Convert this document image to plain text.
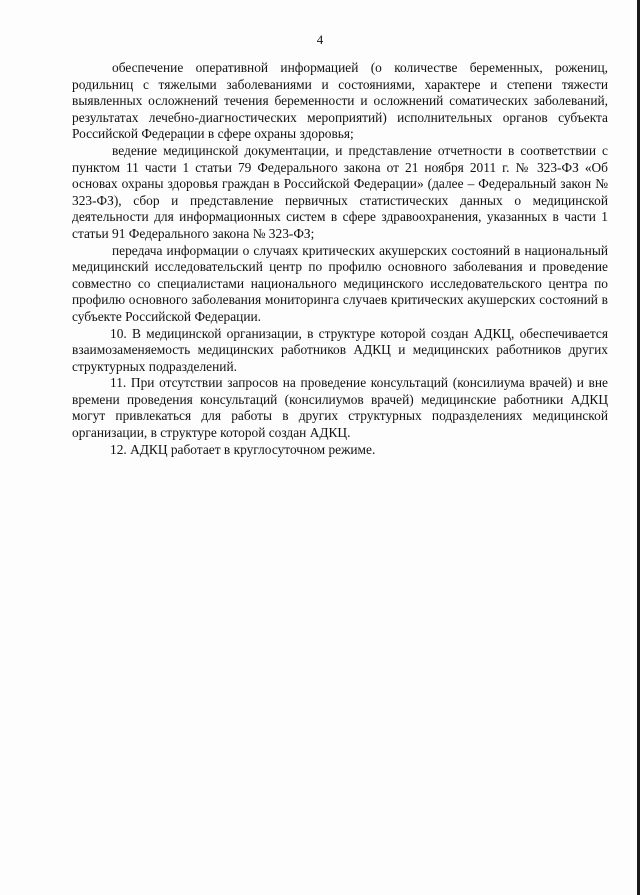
4

обеспечение оперативной информацией (о количестве беременных, рожениц, родильниц с тяжелыми заболеваниями и состояниями, характере и степени тяжести выявленных осложнений течения беременности и осложнений соматических заболеваний, результатах лечебно-диагностических мероприятий) исполнительных органов субъекта Российской Федерации в сфере охраны здоровья;

ведение медицинской документации, и представление отчетности в соответствии с пунктом 11 части 1 статьи 79 Федерального закона от 21 ноября 2011 г. № 323-ФЗ «Об основах охраны здоровья граждан в Российской Федерации» (далее – Федеральный закон № 323-ФЗ), сбор и представление первичных статистических данных о медицинской деятельности для информационных систем в сфере здравоохранения, указанных в части 1 статьи 91 Федерального закона № 323-ФЗ;

передача информации о случаях критических акушерских состояний в национальный медицинский исследовательский центр по профилю основного заболевания и проведение совместно со специалистами национального медицинского исследовательского центра по профилю основного заболевания мониторинга случаев критических акушерских состояний в субъекте Российской Федерации.

10. В медицинской организации, в структуре которой создан АДКЦ, обеспечивается взаимозаменяемость медицинских работников АДКЦ и медицинских работников других структурных подразделений.

11. При отсутствии запросов на проведение консультаций (консилиума врачей) и вне времени проведения консультаций (консилиумов врачей) медицинские работники АДКЦ могут привлекаться для работы в других структурных подразделениях медицинской организации, в структуре которой создан АДКЦ.

12. АДКЦ работает в круглосуточном режиме.
